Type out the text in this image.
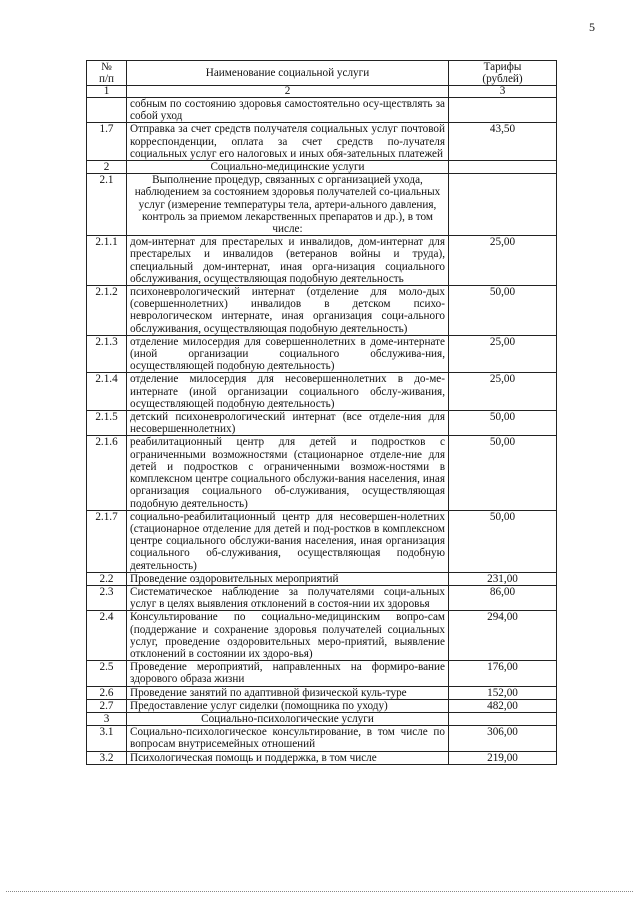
5
№
п/п	Наименование социальной услуги	Тарифы
(рублей)
1	2	3
	собным по состоянию здоровья самостоятельно осу-ществлять за собой уход	
1.7	Отправка за счет средств получателя социальных услуг почтовой корреспонденции, оплата за счет средств по-лучателя социальных услуг его налоговых и иных обя-зательных платежей	43,50
2	Социально-медицинские услуги	
2.1	Выполнение процедур, связанных с организацией ухода, наблюдением за состоянием здоровья получателей со-циальных услуг (измерение температуры тела, артери-ального давления, контроль за приемом лекарственных препаратов и др.), в том числе:	
2.1.1	дом-интернат для престарелых и инвалидов, дом-интернат для престарелых и инвалидов (ветеранов войны и труда), специальный дом-интернат, иная орга-низация социального обслуживания, осуществляющая подобную деятельность	25,00
2.1.2	психоневрологический интернат (отделение для моло-дых (совершеннолетних) инвалидов в детском психо-неврологическом интернате, иная организация соци-ального обслуживания, осуществляющая подобную деятельность)	50,00
2.1.3	отделение милосердия для совершеннолетних в доме-интернате (иной организации социального обслужива-ния, осуществляющей подобную деятельность)	25,00
2.1.4	отделение милосердия для несовершеннолетних в до-ме-интернате (иной организации социального обслу-живания, осуществляющей подобную деятельность)	25,00
2.1.5	детский психоневрологический интернат (все отделе-ния для несовершеннолетних)	50,00
2.1.6	реабилитационный центр для детей и подростков с ограниченными возможностями (стационарное отделе-ние для детей и подростков с ограниченными возмож-ностями в комплексном центре социального обслужи-вания населения, иная организация социального об-служивания, осуществляющая подобную деятельность)	50,00
2.1.7	социально-реабилитационный центр для несовершен-нолетних (стационарное отделение для детей и под-ростков в комплексном центре социального обслужи-вания населения, иная организация социального об-служивания, осуществляющая подобную деятельность)	50,00
2.2	Проведение оздоровительных мероприятий	231,00
2.3	Систематическое наблюдение за получателями соци-альных услуг в целях выявления отклонений в состоя-нии их здоровья	86,00
2.4	Консультирование по социально-медицинским вопро-сам (поддержание и сохранение здоровья получателей социальных услуг, проведение оздоровительных меро-приятий, выявление отклонений в состоянии их здоро-вья)	294,00
2.5	Проведение мероприятий, направленных на формиро-вание здорового образа жизни	176,00
2.6	Проведение занятий по адаптивной физической куль-туре	152,00
2.7	Предоставление услуг сиделки (помощника по уходу)	482,00
3	Социально-психологические услуги	
3.1	Социально-психологическое консультирование, в том числе по вопросам внутрисемейных отношений	306,00
3.2	Психологическая помощь и поддержка, в том числе	219,00
